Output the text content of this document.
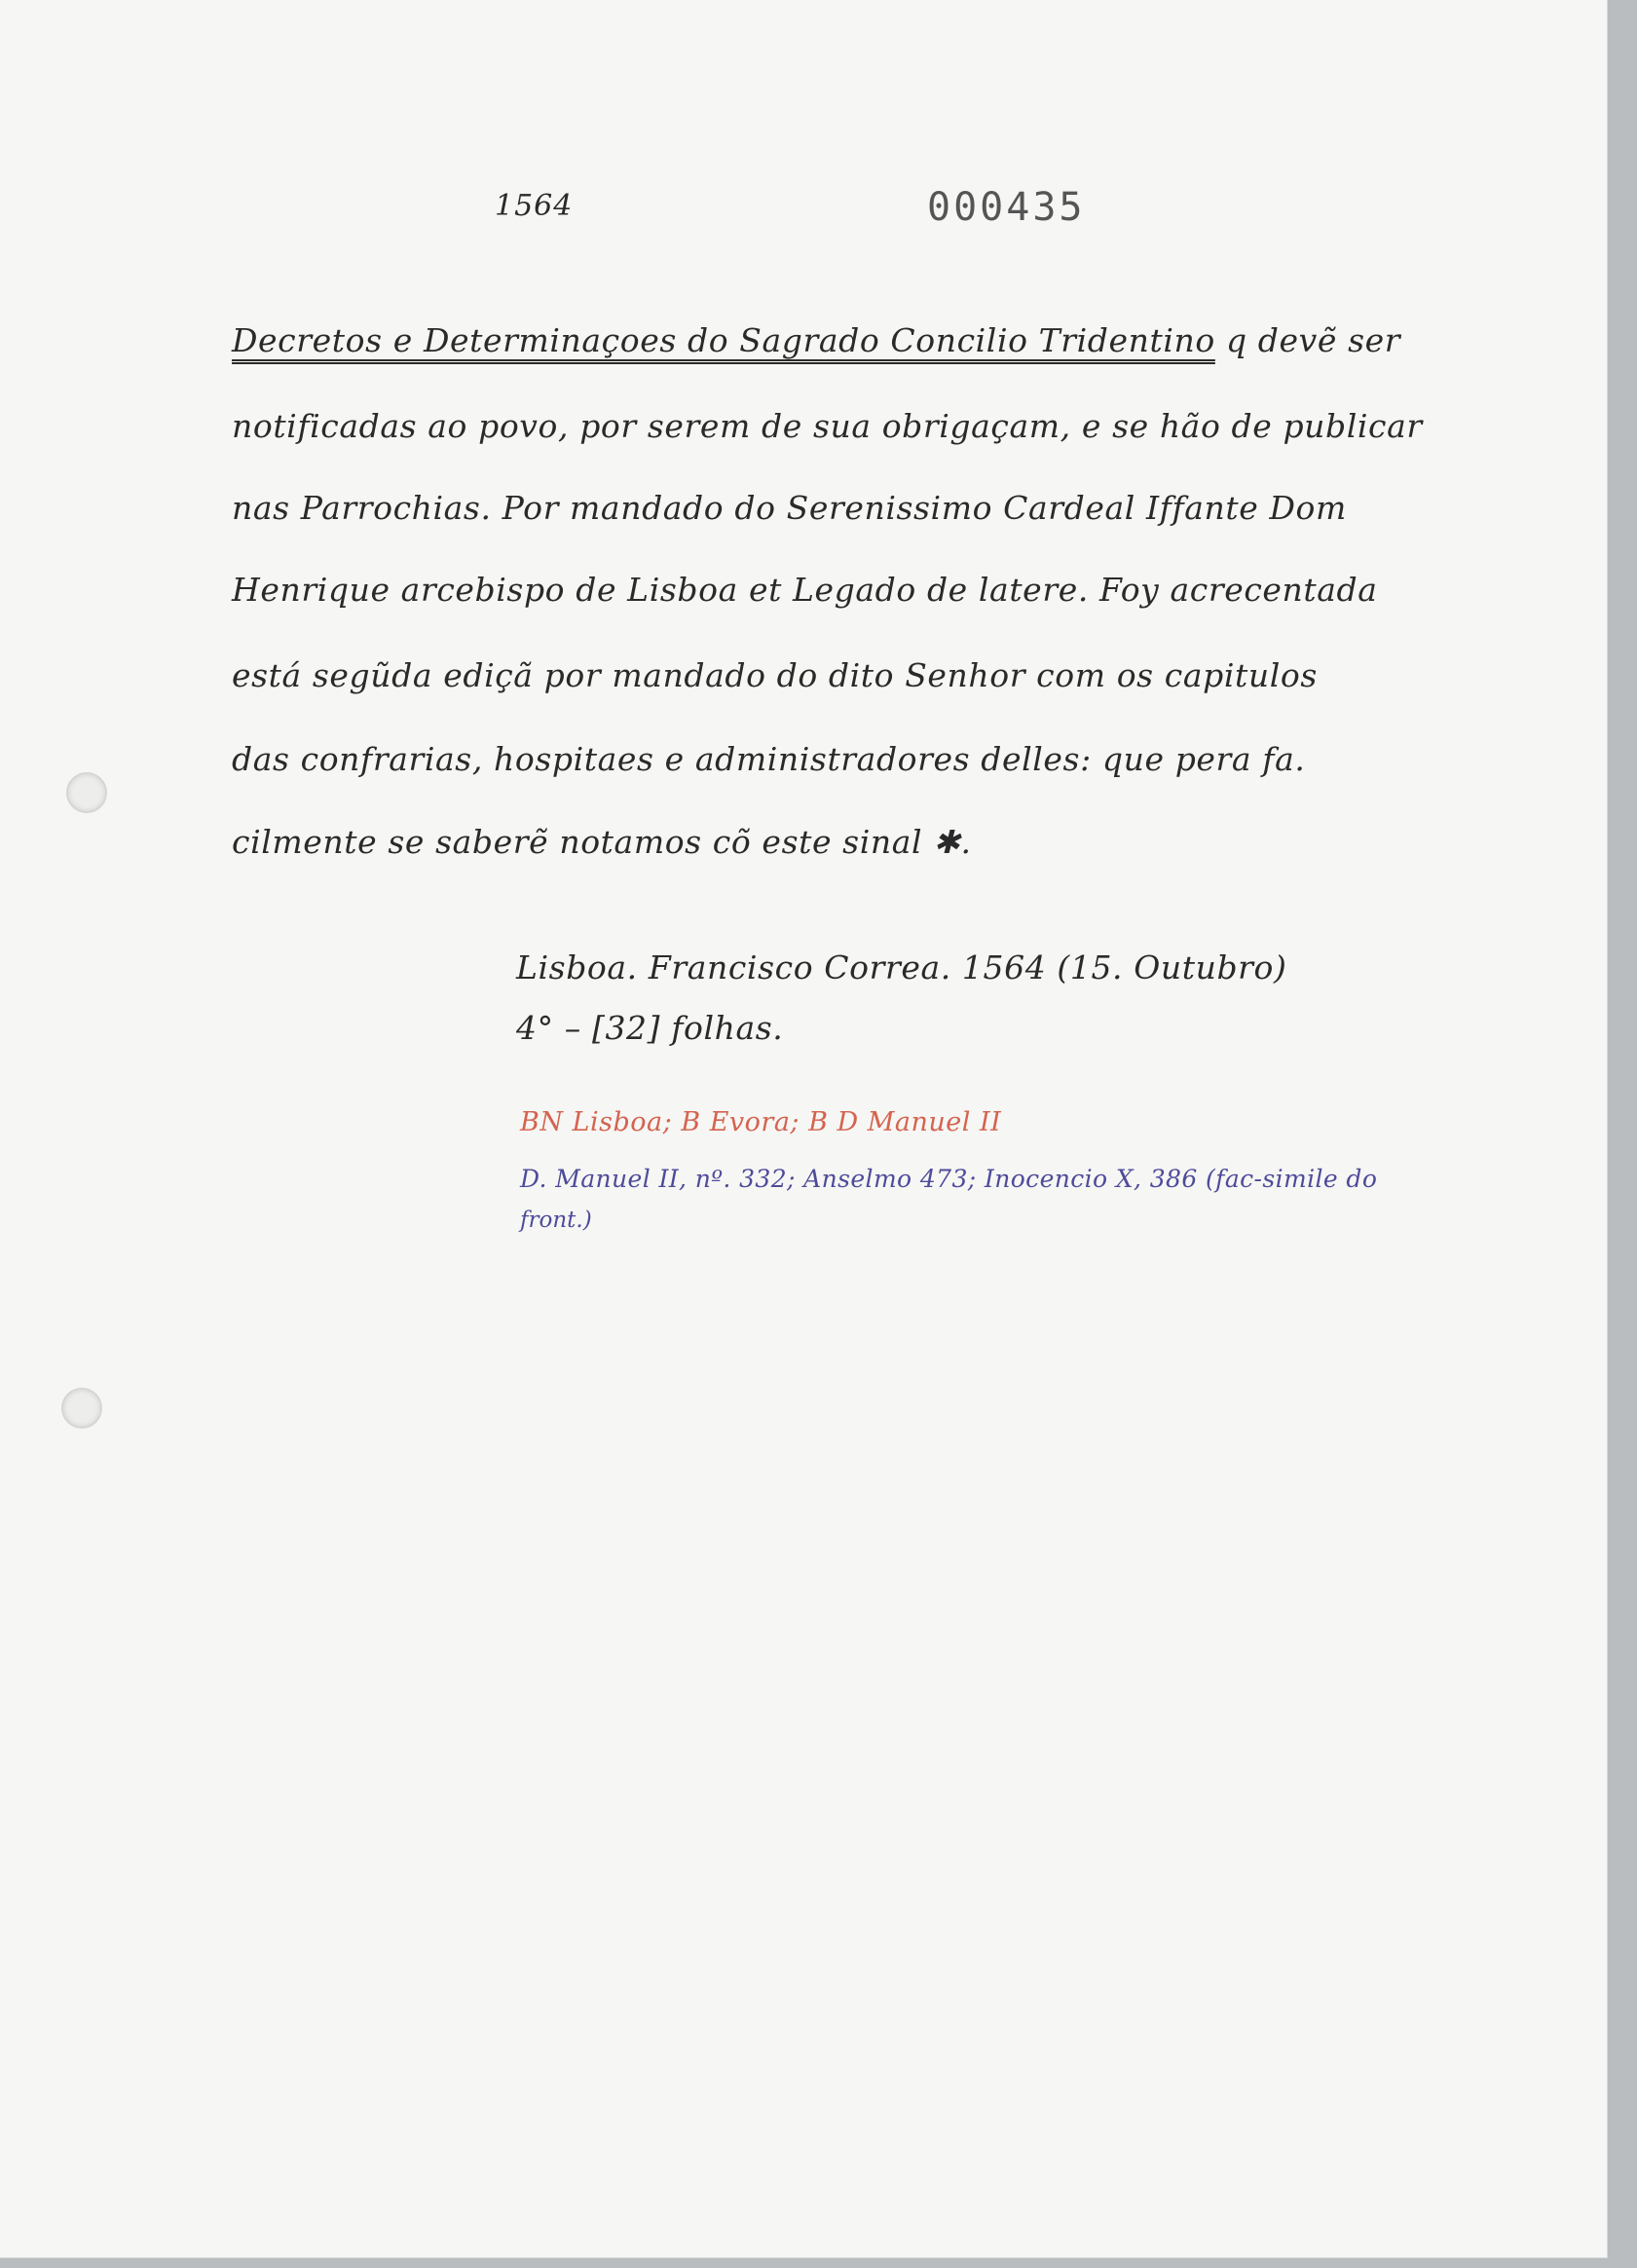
1564	000435
Decretos e Determinaçoes do Sagrado Concilio Tridentino q devẽ ser
notificadas ao povo, por serem de sua obrigaçam, e se hão de publicar
nas Parrochias. Por mandado do Serenissimo Cardeal Iffante Dom
Henrique arcebispo de Lisboa et Legado de latere. Foy acrecentada
está segũda ediçã por mandado do dito Senhor com os capitulos
das confrarias, hospitaes e administradores delles: que pera fa.
cilmente se saberẽ notamos cõ este sinal ✱.
Lisboa. Francisco Correa. 1564 (15. Outubro)
4° – [32] folhas.
BN Lisboa; B Evora; B D Manuel II
D. Manuel II, nº. 332; Anselmo 473; Inocencio X, 386 (fac-simile do
front.)
